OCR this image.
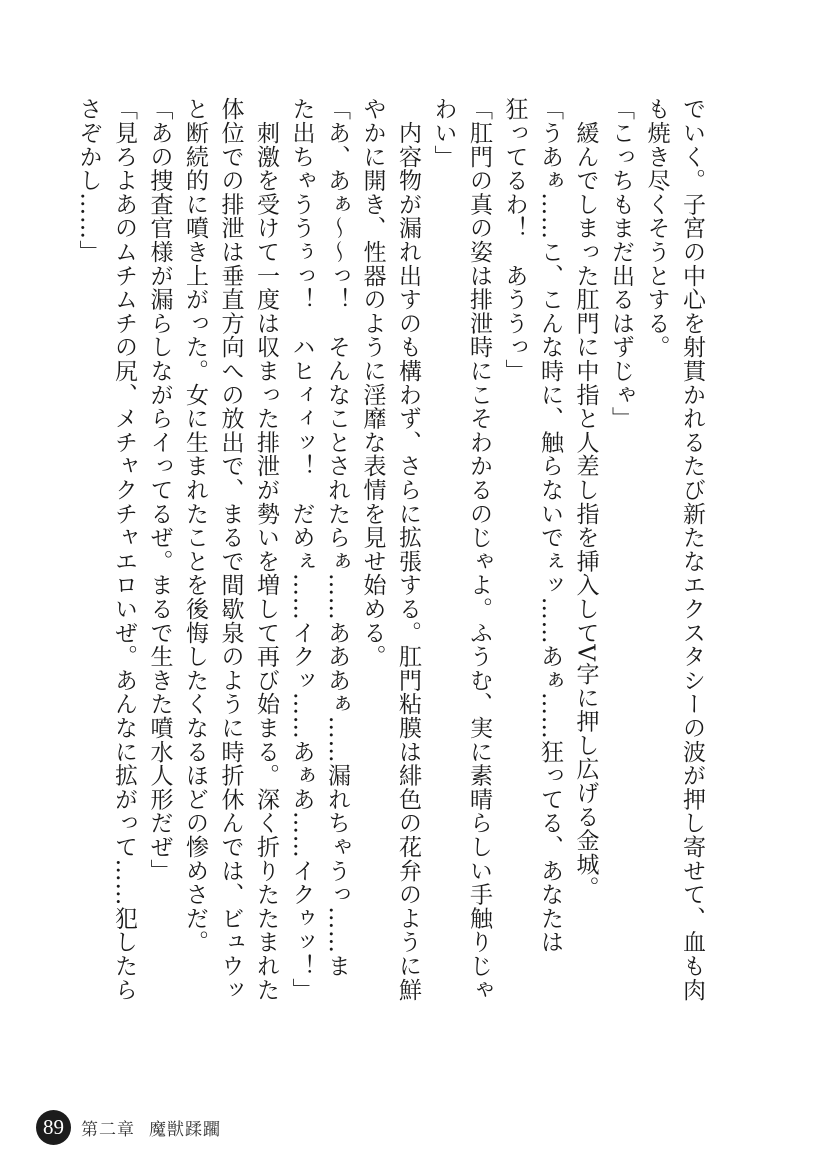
でいく。子宮の中心を射貫かれるたび新たなエクスタシーの波が押し寄せて、血も肉
も焼き尽くそうとする。
「こっちもまだ出るはずじゃ」
　緩んでしまった肛門に中指と人差し指を挿入してV字に押し広げる金城。
「うあぁ……こ、こんな時に、触らないでぇッ……あぁ……狂ってる、あなたは
狂ってるわ！　あううっ」
「肛門の真の姿は排泄時にこそわかるのじゃよ。ふうむ、実に素晴らしい手触りじゃ
わい」
　内容物が漏れ出すのも構わず、さらに拡張する。肛門粘膜は緋色の花弁のように鮮
やかに開き、性器のように淫靡な表情を見せ始める。
「あ、あぁ〜〜っ！　そんなことされたらぁ……あああぁ……漏れちゃうっ……ま
た出ちゃううぅっ！　ハヒィィッ！　だめぇ……イクッ……あぁあ……イクゥッ！」
　刺激を受けて一度は収まった排泄が勢いを増して再び始まる。深く折りたたまれた
体位での排泄は垂直方向への放出で、まるで間歇泉のように時折休んでは、ビュウッ
と断続的に噴き上がった。女に生まれたことを後悔したくなるほどの惨めさだ。
「あの捜査官様が漏らしながらイってるぜ。まるで生きた噴水人形だぜ」
「見ろよあのムチムチの尻、メチャクチャエロいぜ。あんなに拡がって……犯したら
さぞかし……」
89	第二章 魔獣蹂躙
